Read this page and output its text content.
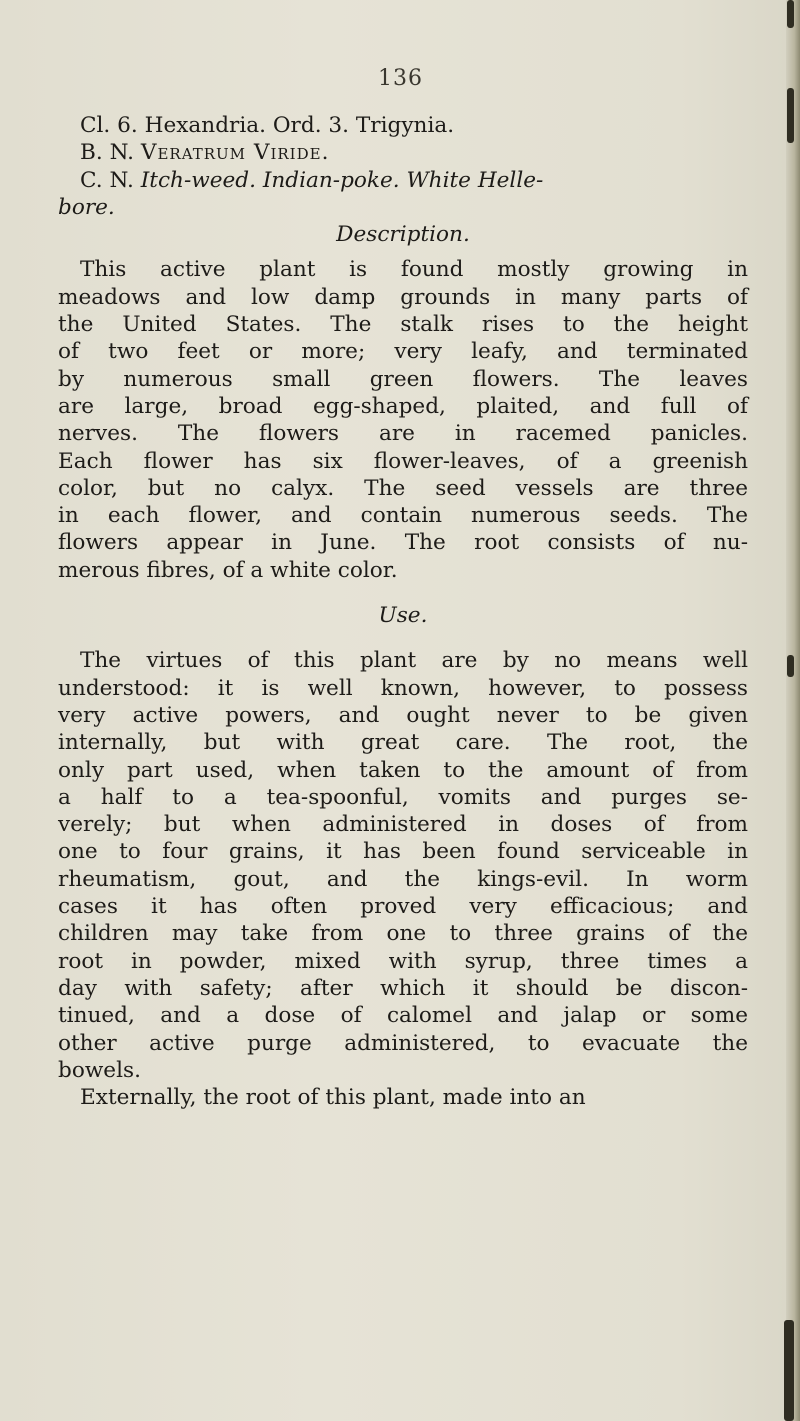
136

Cl. 6. Hexandria. Ord. 3. Trigynia.

B. N. Veratrum Viride.

C. N. Itch-weed. Indian-poke. White Helle-

bore.

Description.

This active plant is found mostly growing in

meadows and low damp grounds in many parts of

the United States. The stalk rises to the height

of two feet or more; very leafy, and terminated

by numerous small green flowers. The leaves

are large, broad egg-shaped, plaited, and full of

nerves. The flowers are in racemed panicles.

Each flower has six flower-leaves, of a greenish

color, but no calyx. The seed vessels are three

in each flower, and contain numerous seeds. The

flowers appear in June. The root consists of nu-

merous fibres, of a white color.

Use.

The virtues of this plant are by no means well

understood: it is well known, however, to possess

very active powers, and ought never to be given

internally, but with great care. The root, the

only part used, when taken to the amount of from

a half to a tea-spoonful, vomits and purges se-

verely; but when administered in doses of from

one to four grains, it has been found serviceable in

rheumatism, gout, and the kings-evil. In worm

cases it has often proved very efficacious; and

children may take from one to three grains of the

root in powder, mixed with syrup, three times a

day with safety; after which it should be discon-

tinued, and a dose of calomel and jalap or some

other active purge administered, to evacuate the

bowels.

Externally, the root of this plant, made into an
